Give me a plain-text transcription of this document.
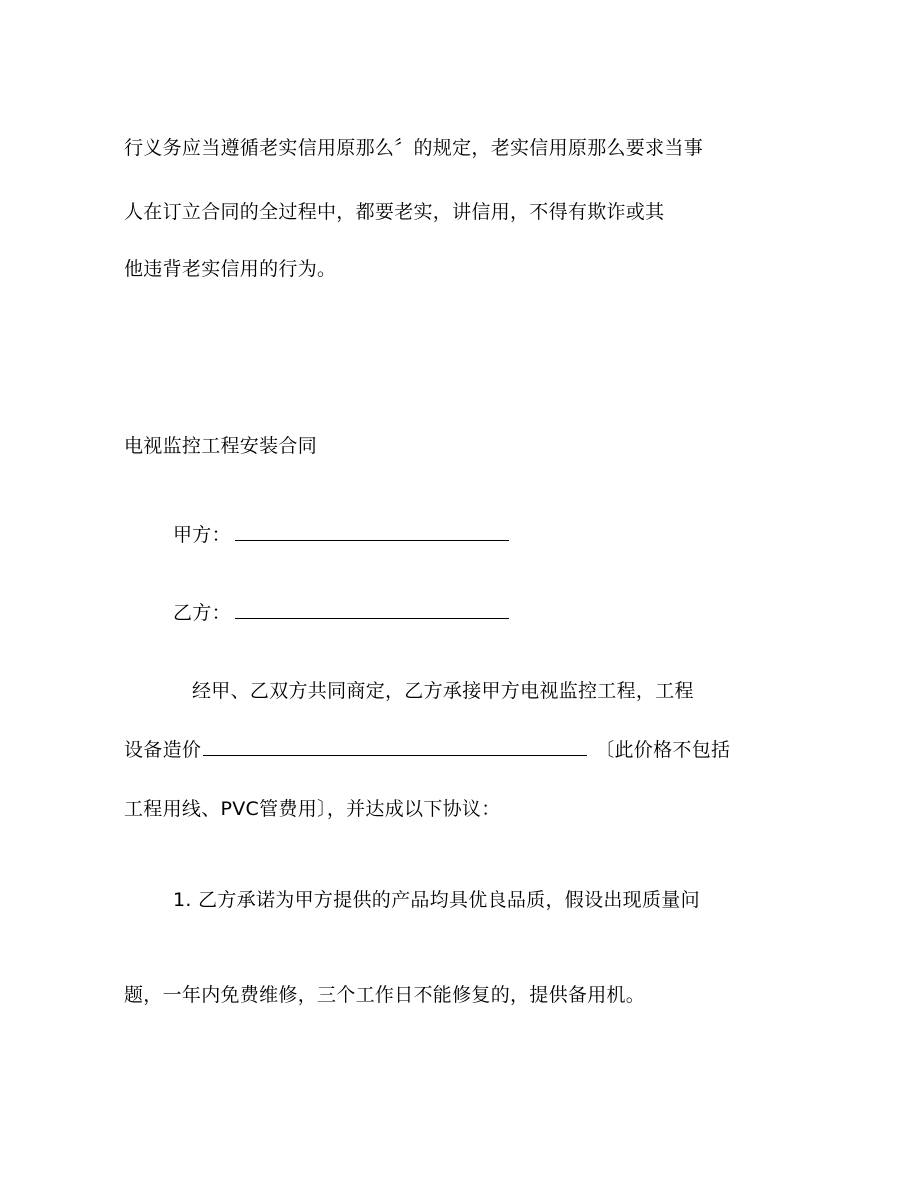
行义务应当遵循老实信用原那么〞的规定，老实信用原那么要求当事
人在订立合同的全过程中，都要老实，讲信用，不得有欺诈或其
他违背老实信用的行为。
电视监控工程安装合同
甲方：
乙方：
经甲、乙双方共同商定，乙方承接甲方电视监控工程，工程
设备造价	〔此价格不包括
工程用线、PVC管费用〕，并达成以下协议：
1. 乙方承诺为甲方提供的产品均具优良品质，假设出现质量问
题，一年内免费维修，三个工作日不能修复的，提供备用机。
